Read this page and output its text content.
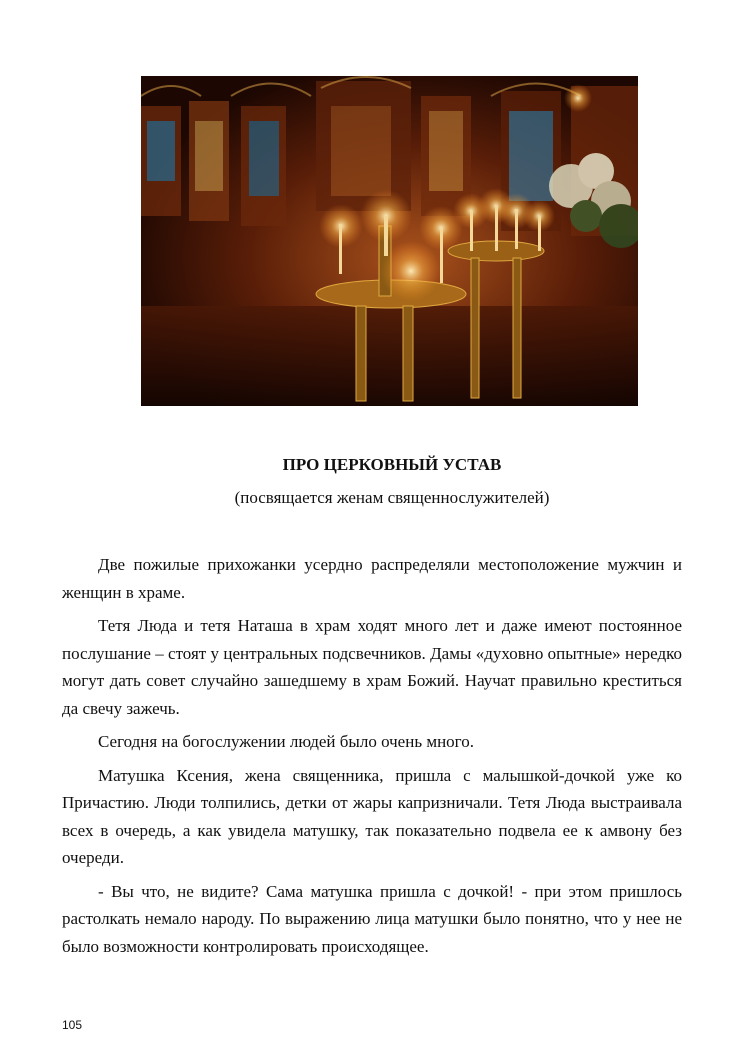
ПРО ЦЕРКОВНЫЙ УСТАВ
(посвящается женам священнослужителей)

Две пожилые прихожанки усердно распределяли местоположение мужчин и женщин в храме.

Тетя Люда и тетя Наташа в храм ходят много лет и даже имеют постоянное послушание – стоят у центральных подсвечников. Дамы «духовно опытные» нередко могут дать совет случайно зашедшему в храм Божий. Научат правильно креститься да свечу зажечь.

Сегодня на богослужении людей было очень много.

Матушка Ксения, жена священника, пришла с малышкой-дочкой уже ко Причастию. Люди толпились, детки от жары капризничали. Тетя Люда выстраивала всех в очередь, а как увидела матушку, так показательно подвела ее к амвону без очереди.

- Вы что, не видите? Сама матушка пришла с дочкой! - при этом пришлось растолкать немало народу. По выражению лица матушки было понятно, что у нее не было возможности контролировать происходящее.

105
